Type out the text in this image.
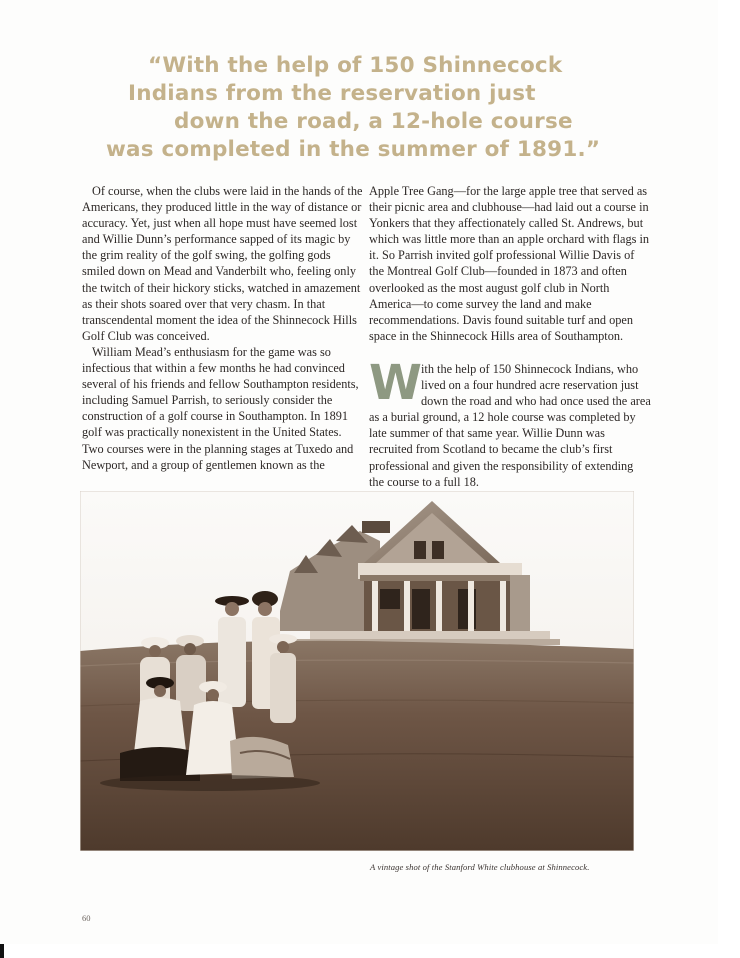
“With the help of 150 Shinnecock
Indians from the reservation just
down the road, a 12-hole course
was completed in the summer of 1891.”

Of course, when the clubs were laid in the hands of the Americans, they produced little in the way of distance or accuracy. Yet, just when all hope must have seemed lost and Willie Dunn’s performance sapped of its magic by the grim reality of the golf swing, the golfing gods smiled down on Mead and Vanderbilt who, feeling only the twitch of their hickory sticks, watched in amazement as their shots soared over that very chasm. In that transcendental moment the idea of the Shinnecock Hills Golf Club was conceived.

William Mead’s enthusiasm for the game was so infectious that within a few months he had convinced several of his friends and fellow Southampton residents, including Samuel Parrish, to seriously consider the construction of a golf course in Southampton. In 1891 golf was practically nonexistent in the United States. Two courses were in the planning stages at Tuxedo and Newport, and a group of gentlemen known as the

Apple Tree Gang—for the large apple tree that served as their picnic area and clubhouse—had laid out a course in Yonkers that they affectionately called St. Andrews, but which was little more than an apple orchard with flags in it. So Parrish invited golf professional Willie Davis of the Montreal Golf Club—founded in 1873 and often overlooked as the most august golf club in North America—to come survey the land and make recommendations. Davis found suitable turf and open space in the Shinnecock Hills area of Southampton.

With the help of 150 Shinnecock Indians, who lived on a four hundred acre reservation just down the road and who had once used the area as a burial ground, a 12 hole course was completed by late summer of that same year. Willie Dunn was recruited from Scotland to became the club’s first professional and given the responsibility of extending the course to a full 18.

A vintage shot of the Stanford White clubhouse at Shinnecock.
60
